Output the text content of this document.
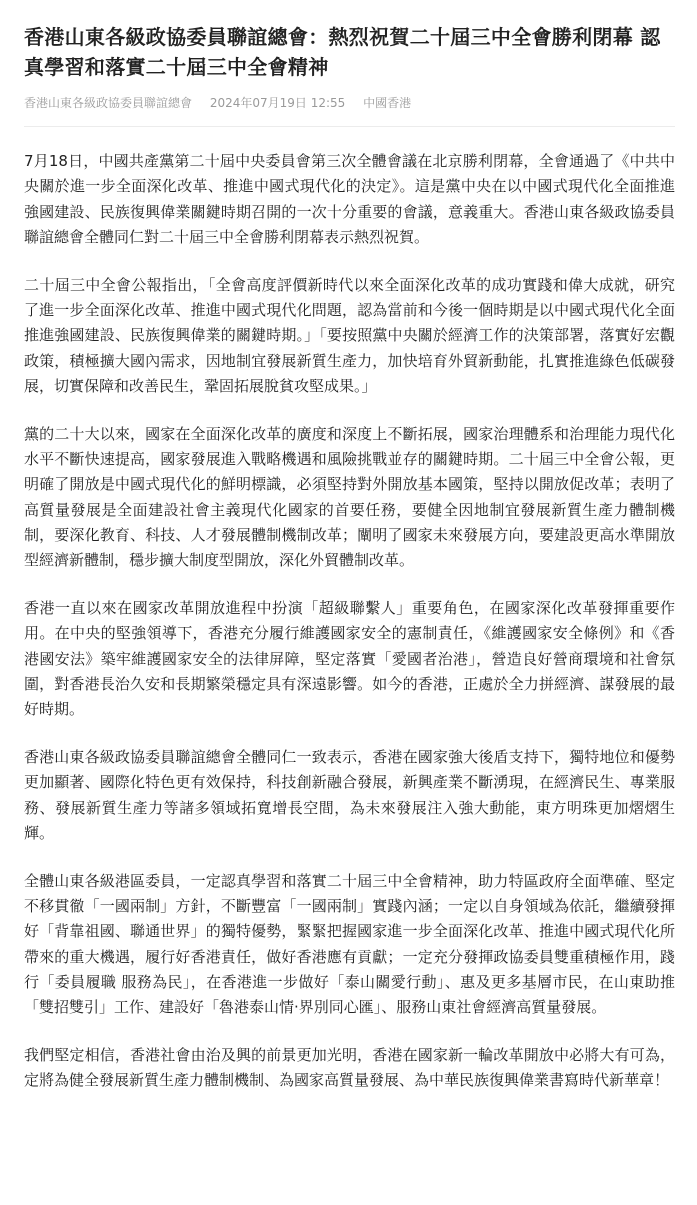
香港山東各級政協委員聯誼總會：熱烈祝賀二十屆三中全會勝利閉幕 認真學習和落實二十屆三中全會精神
香港山東各級政協委員聯誼總會 2024年07月19日 12:55 中國香港

7月18日，中國共產黨第二十屆中央委員會第三次全體會議在北京勝利閉幕，全會通過了《中共中央關於進一步全面深化改革、推進中國式現代化的決定》。這是黨中央在以中國式現代化全面推進強國建設、民族復興偉業關鍵時期召開的一次十分重要的會議，意義重大。香港山東各級政協委員聯誼總會全體同仁對二十屆三中全會勝利閉幕表示熱烈祝賀。

二十屆三中全會公報指出，「全會高度評價新時代以來全面深化改革的成功實踐和偉大成就，研究了進一步全面深化改革、推進中國式現代化問題，認為當前和今後一個時期是以中國式現代化全面推進強國建設、民族復興偉業的關鍵時期。」「要按照黨中央關於經濟工作的決策部署，落實好宏觀政策，積極擴大國內需求，因地制宜發展新質生產力，加快培育外貿新動能，扎實推進綠色低碳發展，切實保障和改善民生，鞏固拓展脫貧攻堅成果。」

黨的二十大以來，國家在全面深化改革的廣度和深度上不斷拓展，國家治理體系和治理能力現代化水平不斷快速提高，國家發展進入戰略機遇和風險挑戰並存的關鍵時期。二十屆三中全會公報，更明確了開放是中國式現代化的鮮明標識，必須堅持對外開放基本國策，堅持以開放促改革；表明了高質量發展是全面建設社會主義現代化國家的首要任務，要健全因地制宜發展新質生產力體制機制，要深化教育、科技、人才發展體制機制改革；闡明了國家未來發展方向，要建設更高水準開放型經濟新體制，穩步擴大制度型開放，深化外貿體制改革。

香港一直以來在國家改革開放進程中扮演「超級聯繫人」重要角色，在國家深化改革發揮重要作用。在中央的堅強領導下，香港充分履行維護國家安全的憲制責任，《維護國家安全條例》和《香港國安法》築牢維護國家安全的法律屏障，堅定落實「愛國者治港」，營造良好營商環境和社會氛圍，對香港長治久安和長期繁榮穩定具有深遠影響。如今的香港，正處於全力拼經濟、謀發展的最好時期。

香港山東各級政協委員聯誼總會全體同仁一致表示，香港在國家強大後盾支持下，獨特地位和優勢更加顯著、國際化特色更有效保持，科技創新融合發展，新興產業不斷湧現，在經濟民生、專業服務、發展新質生產力等諸多領域拓寬增長空間，為未來發展注入強大動能，東方明珠更加熠熠生輝。

全體山東各級港區委員，一定認真學習和落實二十屆三中全會精神，助力特區政府全面準確、堅定不移貫徹「一國兩制」方針，不斷豐富「一國兩制」實踐內涵；一定以自身領域為依託，繼續發揮好「背靠祖國、聯通世界」的獨特優勢，緊緊把握國家進一步全面深化改革、推進中國式現代化所帶來的重大機遇，履行好香港責任，做好香港應有貢獻；一定充分發揮政協委員雙重積極作用，踐行「委員履職 服務為民」，在香港進一步做好「泰山關愛行動」、惠及更多基層市民，在山東助推「雙招雙引」工作、建設好「魯港泰山情·界別同心匯」、服務山東社會經濟高質量發展。

我們堅定相信，香港社會由治及興的前景更加光明，香港在國家新一輪改革開放中必將大有可為，定將為健全發展新質生產力體制機制、為國家高質量發展、為中華民族復興偉業書寫時代新華章！
